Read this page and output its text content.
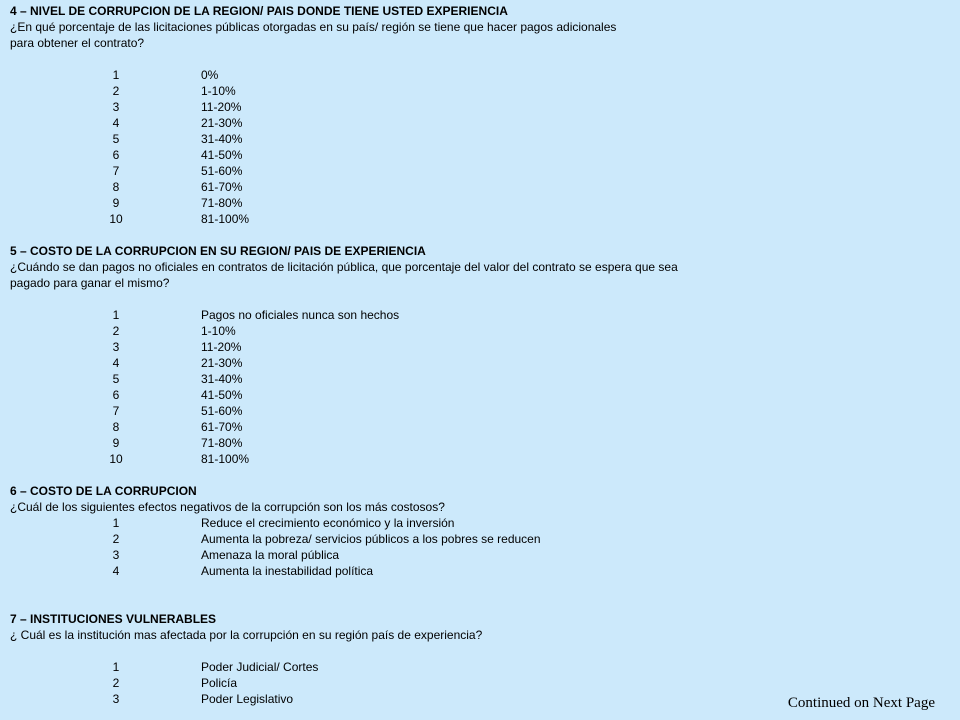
4 – NIVEL DE CORRUPCION DE LA REGION/ PAIS DONDE TIENE USTED EXPERIENCIA
¿En qué porcentaje de las licitaciones públicas otorgadas en su país/ región se tiene que hacer pagos adicionales
para obtener el contrato?
1	0%
2	1-10%
3	11-20%
4	21-30%
5	31-40%
6	41-50%
7	51-60%
8	61-70%
9	71-80%
10	81-100%
5 – COSTO DE LA CORRUPCION EN SU REGION/ PAIS DE EXPERIENCIA
¿Cuándo se dan pagos no oficiales en contratos de licitación pública, que porcentaje del valor del contrato se espera que sea
pagado para ganar el mismo?
1	Pagos no oficiales nunca son hechos
2	1-10%
3	11-20%
4	21-30%
5	31-40%
6	41-50%
7	51-60%
8	61-70%
9	71-80%
10	81-100%
6 – COSTO DE LA CORRUPCION
¿Cuál de los siguientes efectos negativos de la corrupción son los más costosos?
1	Reduce el crecimiento económico y la inversión
2	Aumenta la pobreza/ servicios públicos a los pobres se reducen
3	Amenaza la moral pública
4	Aumenta la inestabilidad política
7 – INSTITUCIONES VULNERABLES
¿ Cuál es la institución mas afectada por la corrupción en su región país de experiencia?
1	Poder Judicial/ Cortes
2	Policía
3	Poder Legislativo	Continued on Next Page
